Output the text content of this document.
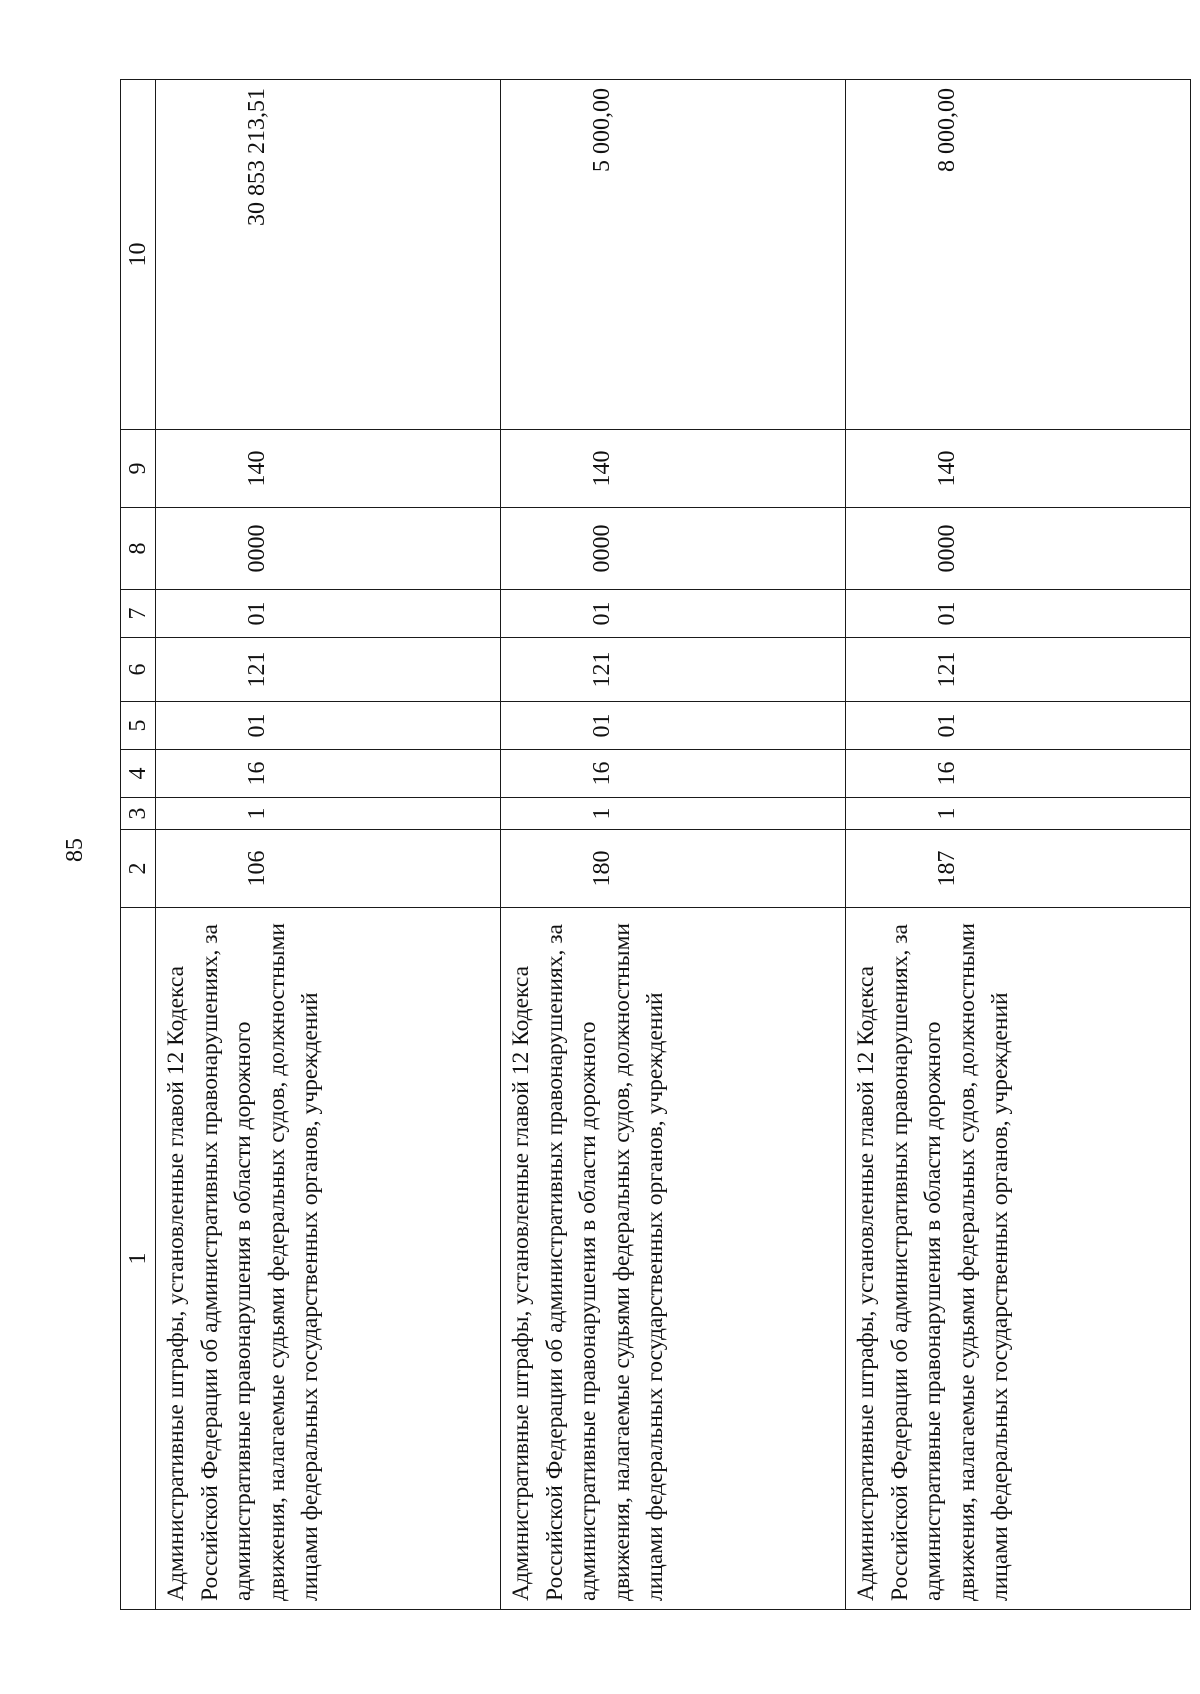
85
1	2	3	4	5	6	7	8	9	10
Административные штрафы, установленные главой 12 Кодекса Российской Федерации об административных правонарушениях, за административные правонарушения в области дорожного движения, налагаемые судьями федеральных судов, должностными лицами федеральных государственных органов, учреждений	106	1	16	01	121	01	0000	140	30 853 213,51
Административные штрафы, установленные главой 12 Кодекса Российской Федерации об административных правонарушениях, за административные правонарушения в области дорожного движения, налагаемые судьями федеральных судов, должностными лицами федеральных государственных органов, учреждений	180	1	16	01	121	01	0000	140	5 000,00
Административные штрафы, установленные главой 12 Кодекса Российской Федерации об административных правонарушениях, за административные правонарушения в области дорожного движения, налагаемые судьями федеральных судов, должностными лицами федеральных государственных органов, учреждений	187	1	16	01	121	01	0000	140	8 000,00
